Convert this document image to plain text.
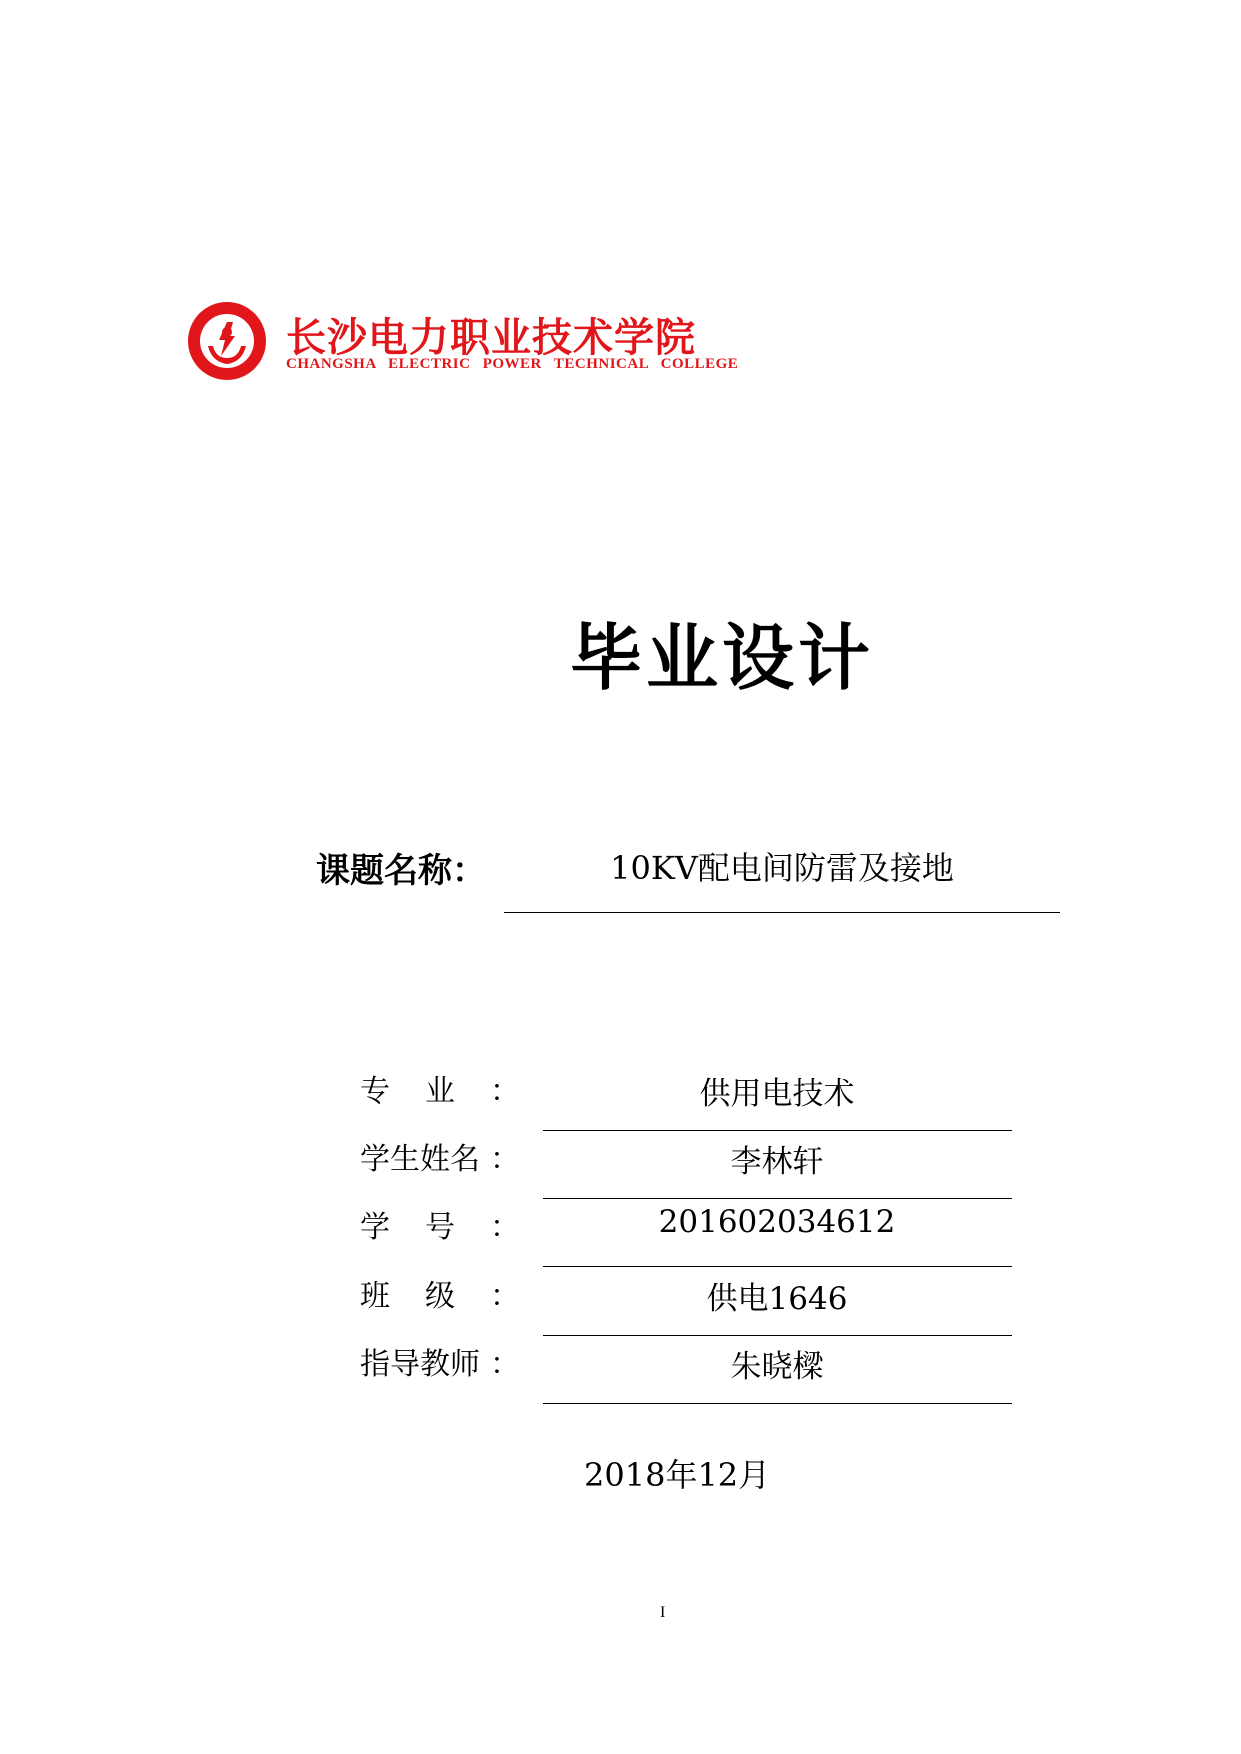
长沙电力职业技术学院
CHANGSHA ELECTRIC POWER TECHNICAL COLLEGE
毕业设计
课题名称：	10KV配电间防雷及接地
专 业 ：	供用电技术
学生姓名 ：	李林轩
学 号 ：	201602034612
班 级 ：	供电1646
指导教师 ：	朱晓樑
2018年12月
I
